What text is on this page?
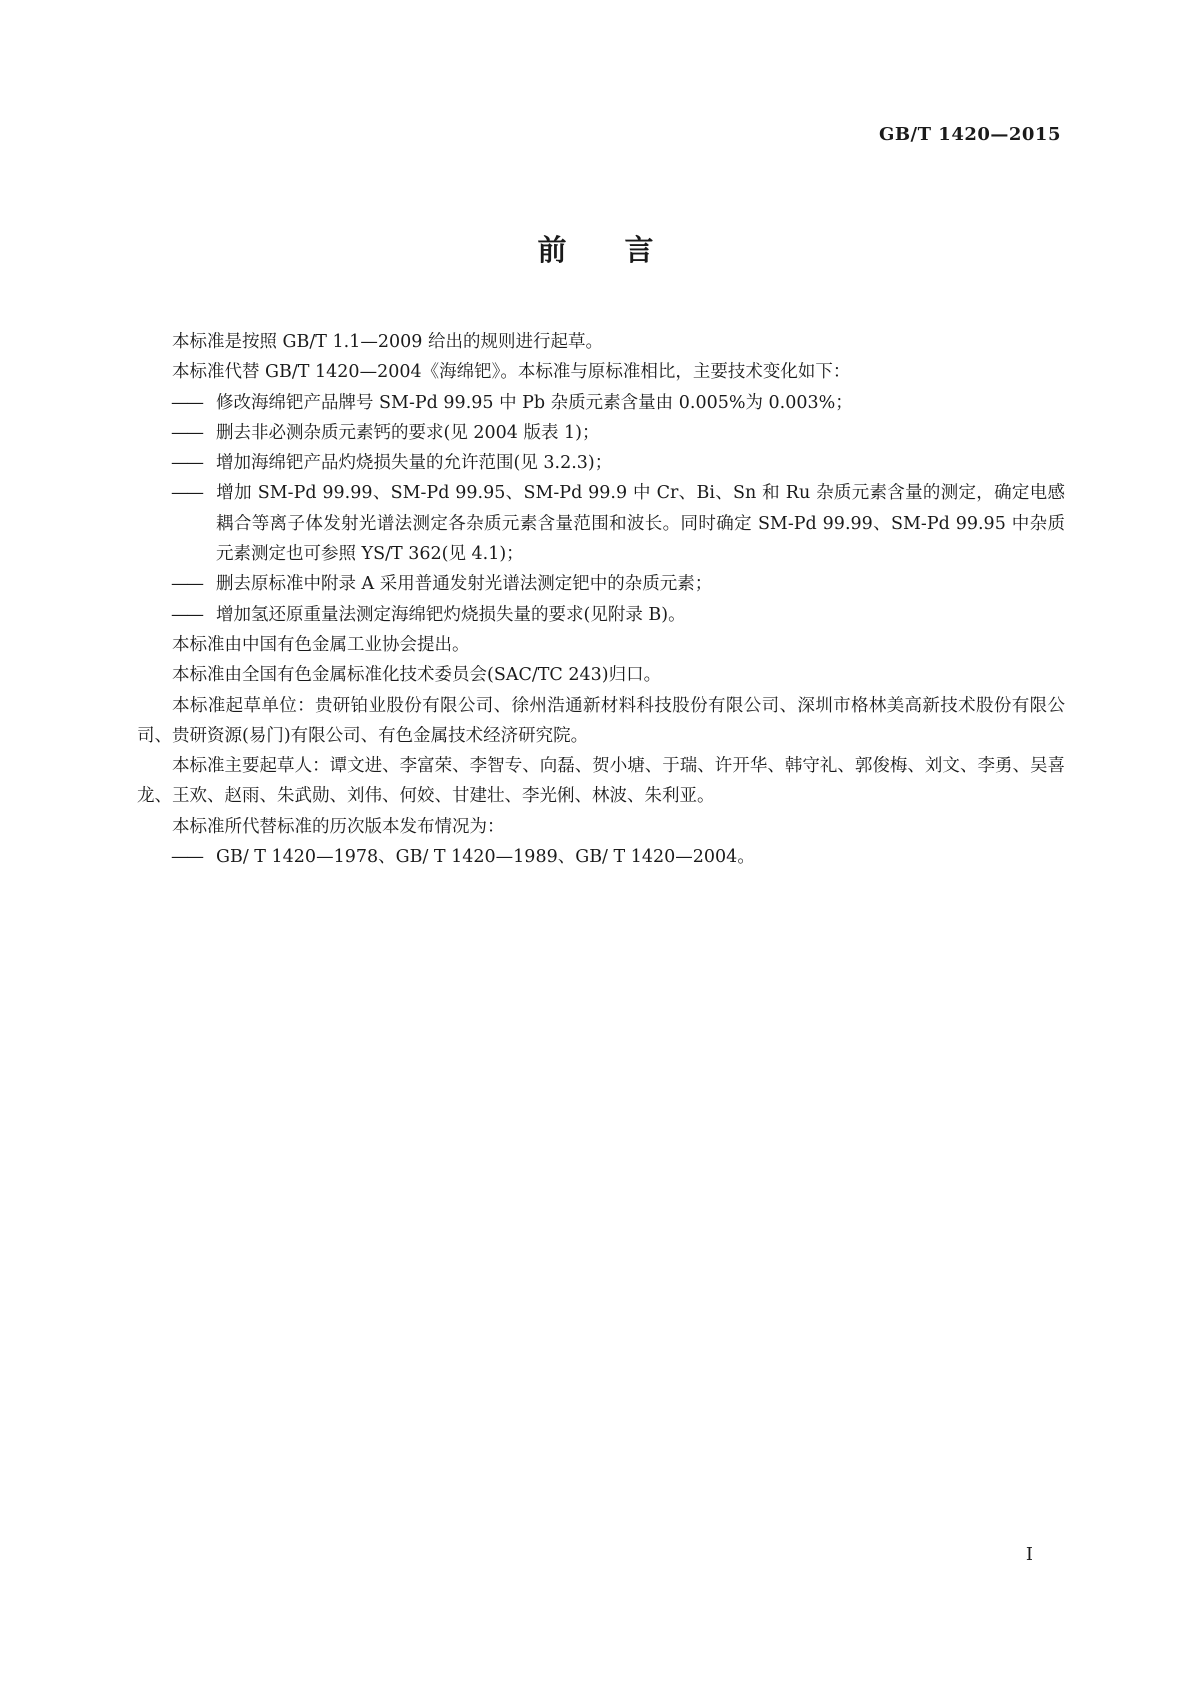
GB/T 1420—2015
前 言

本标准是按照 GB/T 1.1—2009 给出的规则进行起草。

本标准代替 GB/T 1420—2004《海绵钯》。本标准与原标准相比，主要技术变化如下：

—— 修改海绵钯产品牌号 SM-Pd 99.95 中 Pb 杂质元素含量由 0.005%为 0.003%；

—— 删去非必测杂质元素钙的要求(见 2004 版表 1)；

—— 增加海绵钯产品灼烧损失量的允许范围(见 3.2.3)；

—— 增加 SM-Pd 99.99、SM-Pd 99.95、SM-Pd 99.9 中 Cr、Bi、Sn 和 Ru 杂质元素含量的测定，确定电感耦合等离子体发射光谱法测定各杂质元素含量范围和波长。同时确定 SM-Pd 99.99、SM-Pd 99.95 中杂质元素测定也可参照 YS/T 362(见 4.1)；

—— 删去原标准中附录 A 采用普通发射光谱法测定钯中的杂质元素；

—— 增加氢还原重量法测定海绵钯灼烧损失量的要求(见附录 B)。

本标准由中国有色金属工业协会提出。

本标准由全国有色金属标准化技术委员会(SAC/TC 243)归口。

本标准起草单位：贵研铂业股份有限公司、徐州浩通新材料科技股份有限公司、深圳市格林美高新技术股份有限公司、贵研资源(易门)有限公司、有色金属技术经济研究院。

本标准主要起草人：谭文进、李富荣、李智专、向磊、贺小塘、于瑞、许开华、韩守礼、郭俊梅、刘文、李勇、吴喜龙、王欢、赵雨、朱武勋、刘伟、何姣、甘建壮、李光俐、林波、朱利亚。

本标准所代替标准的历次版本发布情况为：

—— GB/ T 1420—1978、GB/ T 1420—1989、GB/ T 1420—2004。

I
